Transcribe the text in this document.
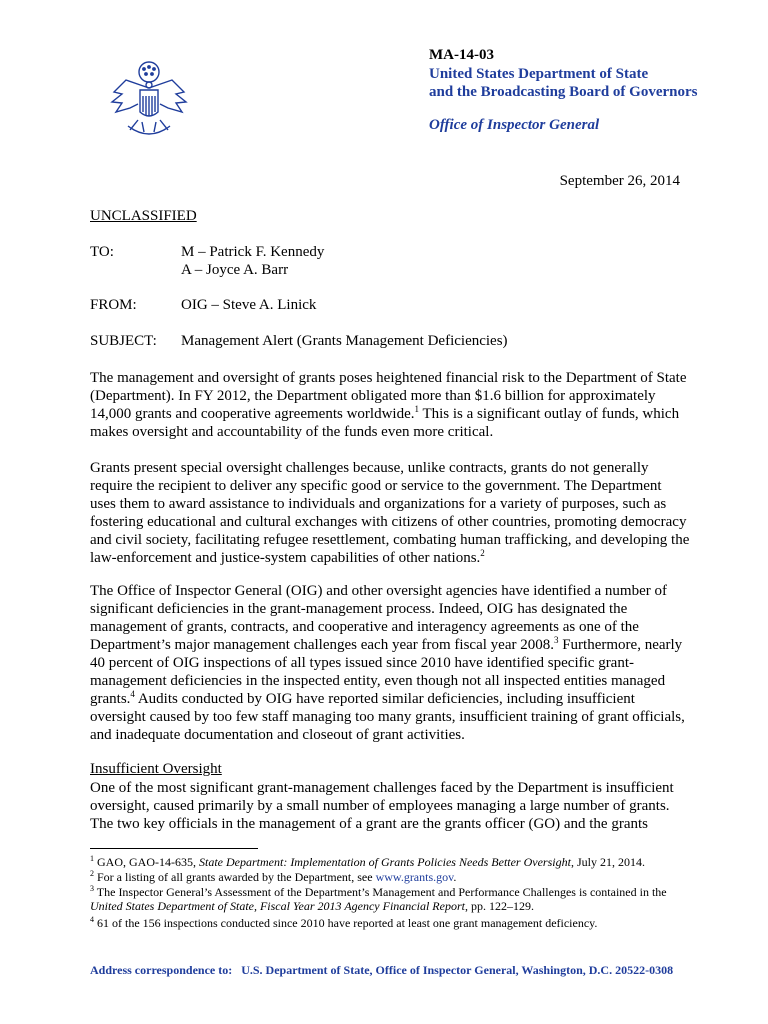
MA-14-03
United States Department of State
and the Broadcasting Board of Governors
Office of Inspector General
September 26, 2014
UNCLASSIFIED
TO:	M – Patrick F. Kennedy
A – Joyce A. Barr
FROM:	OIG – Steve A. Linick
SUBJECT: Management Alert (Grants Management Deficiencies)

The management and oversight of grants poses heightened financial risk to the Department of State (Department). In FY 2012, the Department obligated more than $1.6 billion for approximately 14,000 grants and cooperative agreements worldwide.$^1$ This is a significant outlay of funds, which makes oversight and accountability of the funds even more critical.

Grants present special oversight challenges because, unlike contracts, grants do not generally require the recipient to deliver any specific good or service to the government. The Department uses them to award assistance to individuals and organizations for a variety of purposes, such as fostering educational and cultural exchanges with citizens of other countries, promoting democracy and civil society, facilitating refugee resettlement, combating human trafficking, and developing the law-enforcement and justice-system capabilities of other nations.$^2$

The Office of Inspector General (OIG) and other oversight agencies have identified a number of significant deficiencies in the grant-management process. Indeed, OIG has designated the management of grants, contracts, and cooperative and interagency agreements as one of the Department’s major management challenges each year from fiscal year 2008.$^3$ Furthermore, nearly 40 percent of OIG inspections of all types issued since 2010 have identified specific grant-management deficiencies in the inspected entity, even though not all inspected entities managed grants.$^4$ Audits conducted by OIG have reported similar deficiencies, including insufficient oversight caused by too few staff managing too many grants, insufficient training of grant officials, and inadequate documentation and closeout of grant activities.

Insufficient Oversight

One of the most significant grant-management challenges faced by the Department is insufficient oversight, caused primarily by a small number of employees managing a large number of grants. The two key officials in the management of a grant are the grants officer (GO) and the grants

$^1$ GAO, GAO-14-635, State Department: Implementation of Grants Policies Needs Better Oversight, July 21, 2014.
$^2$ For a listing of all grants awarded by the Department, see www.grants.gov.
$^3$ The Inspector General’s Assessment of the Department’s Management and Performance Challenges is contained in the United States Department of State, Fiscal Year 2013 Agency Financial Report, pp. 122–129.
$^4$ 61 of the 156 inspections conducted since 2010 have reported at least one grant management deficiency.
Address correspondence to: U.S. Department of State, Office of Inspector General, Washington, D.C. 20522-0308
